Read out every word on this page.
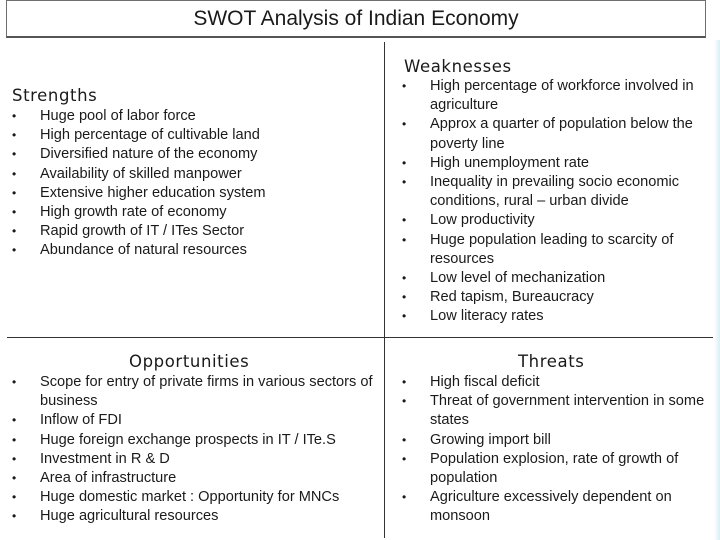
SWOT Analysis of Indian Economy
Strengths
• Huge pool of labor force
• High percentage of cultivable land
• Diversified nature of the economy
• Availability of skilled manpower
• Extensive higher education system
• High growth rate of economy
• Rapid growth of IT / ITes Sector
• Abundance of natural resources
Weaknesses
• High percentage of workforce involved in agriculture
• Approx a quarter of population below the poverty line
• High unemployment rate
• Inequality in prevailing socio economic conditions, rural – urban divide
• Low productivity
• Huge population leading to scarcity of resources
• Low level of mechanization
• Red tapism, Bureaucracy
• Low literacy rates
Opportunities
• Scope for entry of private firms in various sectors of business
• Inflow of FDI
• Huge foreign exchange prospects in IT / ITe.S
• Investment in R & D
• Area of infrastructure
• Huge domestic market : Opportunity for MNCs
• Huge agricultural resources
Threats
• High fiscal deficit
• Threat of government intervention in some states
• Growing import bill
• Population explosion, rate of growth of population
• Agriculture excessively dependent on monsoon
